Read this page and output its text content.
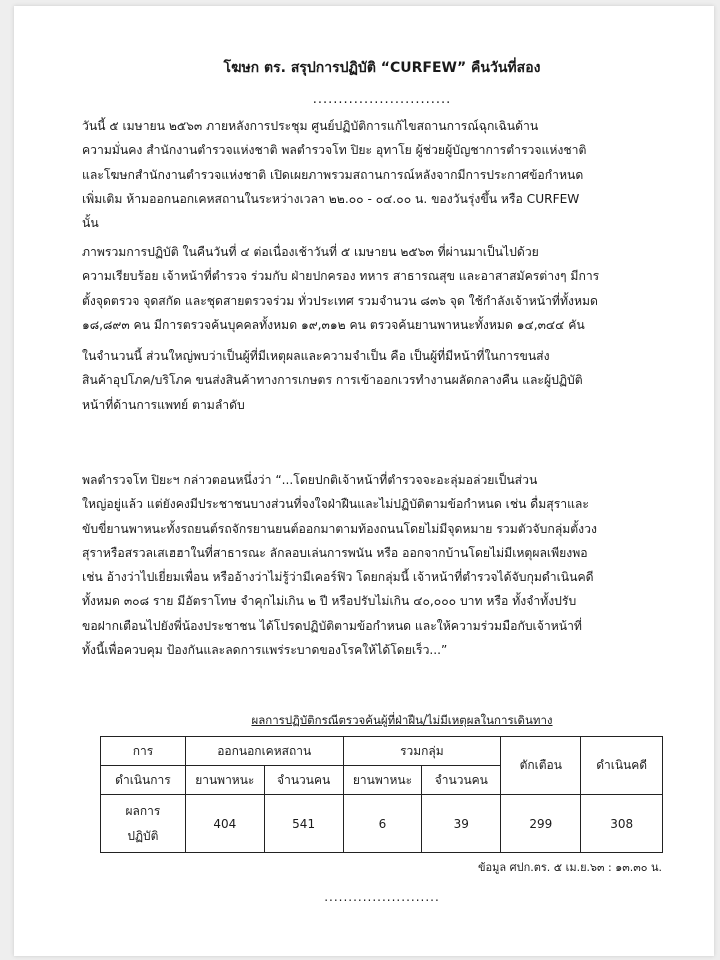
โฆษก ตร. สรุปการปฏิบัติ “CURFEW” คืนวันที่สอง
...........................

วันนี้ ๕ เมษายน ๒๕๖๓ ภายหลังการประชุม ศูนย์ปฏิบัติการแก้ไขสถานการณ์ฉุกเฉินด้าน
ความมั่นคง สำนักงานตำรวจแห่งชาติ พลตำรวจโท ปิยะ อุทาโย ผู้ช่วยผู้บัญชาการตำรวจแห่งชาติ
และโฆษกสำนักงานตำรวจแห่งชาติ เปิดเผยภาพรวมสถานการณ์หลังจากมีการประกาศข้อกำหนด
เพิ่มเติม ห้ามออกนอกเคหสถานในระหว่างเวลา ๒๒.๐๐ - ๐๔.๐๐ น. ของวันรุ่งขึ้น หรือ CURFEW
นั้น

ภาพรวมการปฏิบัติ ในคืนวันที่ ๔ ต่อเนื่องเช้าวันที่ ๕ เมษายน ๒๕๖๓ ที่ผ่านมาเป็นไปด้วย
ความเรียบร้อย เจ้าหน้าที่ตำรวจ ร่วมกับ ฝ่ายปกครอง ทหาร สาธารณสุข และอาสาสมัครต่างๆ มีการ
ตั้งจุดตรวจ จุดสกัด และชุดสายตรวจร่วม ทั่วประเทศ รวมจำนวน ๘๓๖ จุด ใช้กำลังเจ้าหน้าที่ทั้งหมด
๑๘,๘๙๓ คน มีการตรวจค้นบุคคลทั้งหมด ๑๙,๓๑๒ คน ตรวจค้นยานพาหนะทั้งหมด ๑๔,๓๔๔ คัน

ในจำนวนนี้ ส่วนใหญ่พบว่าเป็นผู้ที่มีเหตุผลและความจำเป็น คือ เป็นผู้ที่มีหน้าที่ในการขนส่ง
สินค้าอุปโภค/บริโภค ขนส่งสินค้าทางการเกษตร การเข้าออกเวรทำงานผลัดกลางคืน และผู้ปฏิบัติ
หน้าที่ด้านการแพทย์ ตามลำดับ

พลตำรวจโท ปิยะฯ กล่าวตอนหนึ่งว่า “...โดยปกติเจ้าหน้าที่ตำรวจจะอะลุ่มอล่วยเป็นส่วน
ใหญ่อยู่แล้ว แต่ยังคงมีประชาชนบางส่วนที่จงใจฝ่าฝืนและไม่ปฏิบัติตามข้อกำหนด เช่น ดื่มสุราและ
ขับขี่ยานพาหนะทั้งรถยนต์รถจักรยานยนต์ออกมาตามท้องถนนโดยไม่มีจุดหมาย รวมตัวจับกลุ่มตั้งวง
สุราหรือสรวลเสเฮฮาในที่สาธารณะ ลักลอบเล่นการพนัน หรือ ออกจากบ้านโดยไม่มีเหตุผลเพียงพอ
เช่น อ้างว่าไปเยี่ยมเพื่อน หรืออ้างว่าไม่รู้ว่ามีเคอร์ฟิว โดยกลุ่มนี้ เจ้าหน้าที่ตำรวจได้จับกุมดำเนินคดี
ทั้งหมด ๓๐๘ ราย มีอัตราโทษ จำคุกไม่เกิน ๒ ปี หรือปรับไม่เกิน ๔๐,๐๐๐ บาท หรือ ทั้งจำทั้งปรับ
ขอฝากเตือนไปยังพี่น้องประชาชน ได้โปรดปฏิบัติตามข้อกำหนด และให้ความร่วมมือกับเจ้าหน้าที่
ทั้งนี้เพื่อควบคุม ป้องกันและลดการแพร่ระบาดของโรคให้ได้โดยเร็ว...”

ผลการปฏิบัติกรณีตรวจค้นผู้ที่ฝ่าฝืน/ไม่มีเหตุผลในการเดินทาง
การ	ออกนอกเคหสถาน		รวมกลุ่ม		ตักเตือน	ดำเนินคดี
ดำเนินการ	ยานพาหนะ	จำนวนคน	ยานพาหนะ	จำนวนคน		

ผลการ
ปฏิบัติ	404	541	6	39	299	308
ข้อมูล ศปก.ตร. ๕ เม.ย.๖๓ : ๑๓.๓๐ น.
........................
